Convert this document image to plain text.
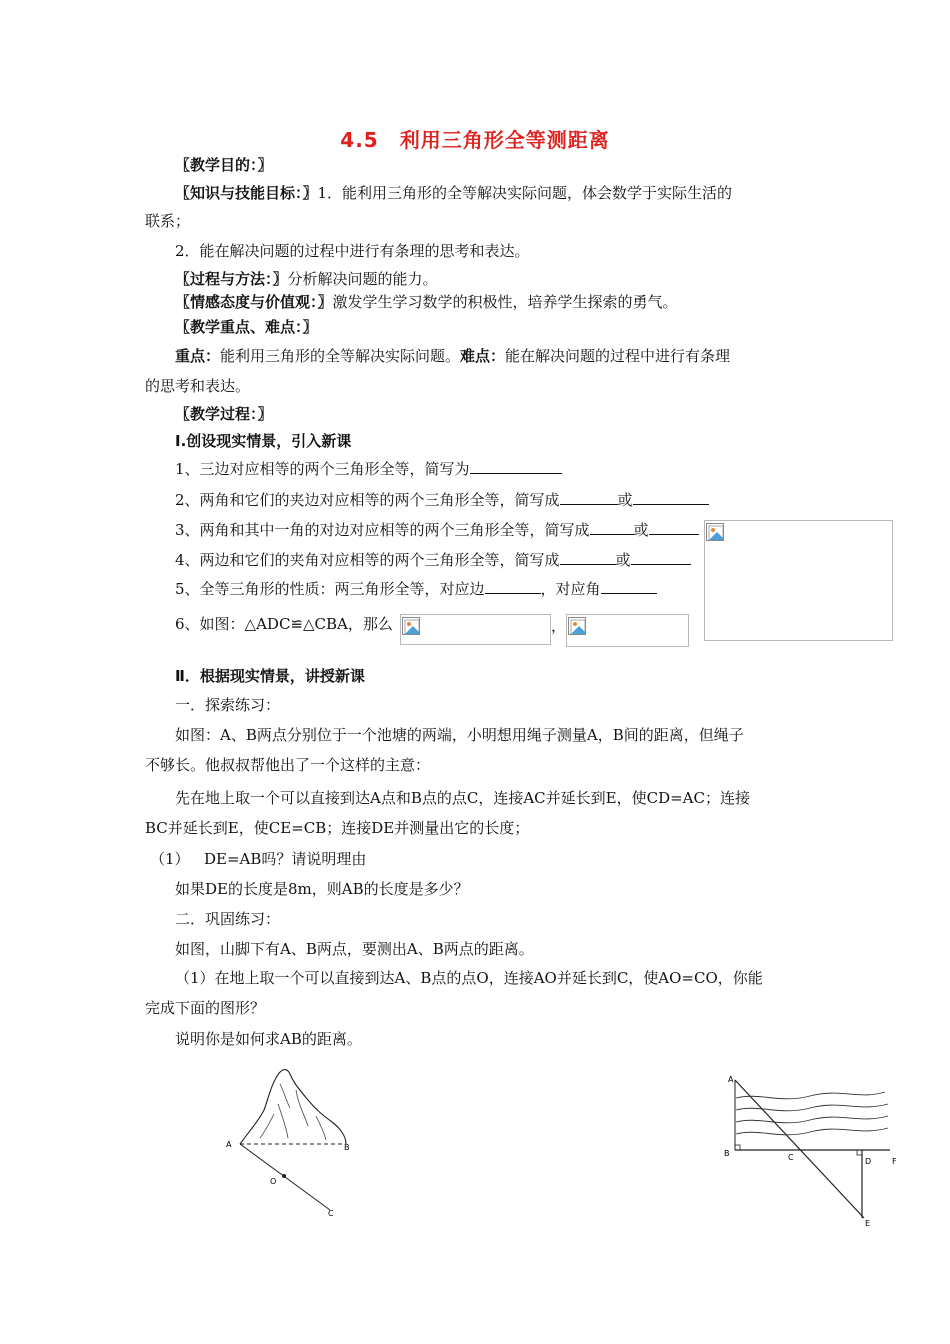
4.5　利用三角形全等测距离
〖教学目的：〗
〖知识与技能目标：〗1．能利用三角形的全等解决实际问题，体会数学于实际生活的
联系；
2．能在解决问题的过程中进行有条理的思考和表达。
〖过程与方法：〗分析解决问题的能力。
〖情感态度与价值观：〗激发学生学习数学的积极性，培养学生探索的勇气。
〖教学重点、难点：〗
重点：能利用三角形的全等解决实际问题。难点：能在解决问题的过程中进行有条理
的思考和表达。
〖教学过程：〗
Ⅰ.创设现实情景，引入新课
1、三边对应相等的两个三角形全等，简写为
2、两角和它们的夹边对应相等的两个三角形全等，简写成	或
3、两角和其中一角的对边对应相等的两个三角形全等，简写成	或
4、两边和它们的夹角对应相等的两个三角形全等，简写成	或
5、全等三角形的性质：两三角形全等，对应边	，对应角
6、如图：△ADC≌△CBA，那么	，
Ⅱ．根据现实情景，讲授新课
一．探索练习：
如图：A、B两点分别位于一个池塘的两端，小明想用绳子测量A，B间的距离，但绳子
不够长。他叔叔帮他出了一个这样的主意：
先在地上取一个可以直接到达A点和B点的点C，连接AC并延长到E，使CD=AC；连接
BC并延长到E，使CE=CB；连接DE并测量出它的长度；
（1） DE=AB吗？请说明理由
如果DE的长度是8m，则AB的长度是多少？
二．巩固练习：
如图，山脚下有A、B两点，要测出A、B两点的距离。
（1）在地上取一个可以直接到达A、B点的点O，连接AO并延长到C，使AO=CO，你能
完成下面的图形？
说明你是如何求AB的距离。
A	B
O
C
A
B	C	D	F
E
